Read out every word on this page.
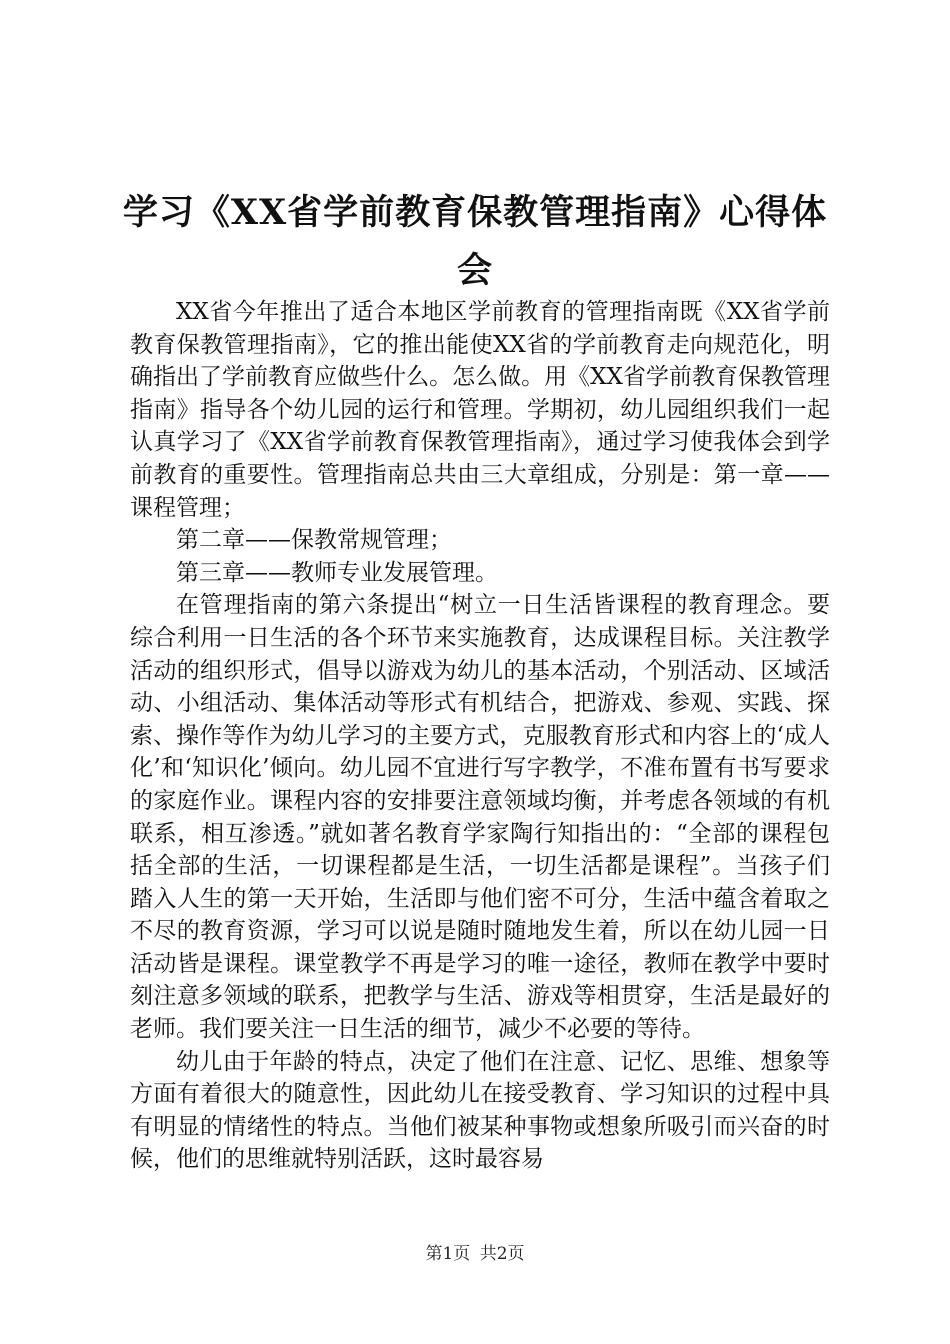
学习《XX省学前教育保教管理指南》心得体会

XX省今年推出了适合本地区学前教育的管理指南既《XX省学前教育保教管理指南》，它的推出能使XX省的学前教育走向规范化，明确指出了学前教育应做些什么。怎么做。用《XX省学前教育保教管理指南》指导各个幼儿园的运行和管理。学期初，幼儿园组织我们一起认真学习了《XX省学前教育保教管理指南》，通过学习使我体会到学前教育的重要性。管理指南总共由三大章组成，分别是：第一章——课程管理；

第二章——保教常规管理；

第三章——教师专业发展管理。

在管理指南的第六条提出“树立一日生活皆课程的教育理念。要综合利用一日生活的各个环节来实施教育，达成课程目标。关注教学活动的组织形式，倡导以游戏为幼儿的基本活动，个别活动、区域活动、小组活动、集体活动等形式有机结合，把游戏、参观、实践、探索、操作等作为幼儿学习的主要方式，克服教育形式和内容上的‘成人化’和‘知识化’倾向。幼儿园不宜进行写字教学，不准布置有书写要求的家庭作业。课程内容的安排要注意领域均衡，并考虑各领域的有机联系，相互渗透。”就如著名教育学家陶行知指出的：“全部的课程包括全部的生活，一切课程都是生活，一切生活都是课程”。当孩子们踏入人生的第一天开始，生活即与他们密不可分，生活中蕴含着取之不尽的教育资源，学习可以说是随时随地发生着，所以在幼儿园一日活动皆是课程。课堂教学不再是学习的唯一途径，教师在教学中要时刻注意多领域的联系，把教学与生活、游戏等相贯穿，生活是最好的老师。我们要关注一日生活的细节，减少不必要的等待。

幼儿由于年龄的特点，决定了他们在注意、记忆、思维、想象等方面有着很大的随意性，因此幼儿在接受教育、学习知识的过程中具有明显的情绪性的特点。当他们被某种事物或想象所吸引而兴奋的时候，他们的思维就特别活跃，这时最容易

第1页 共2页
